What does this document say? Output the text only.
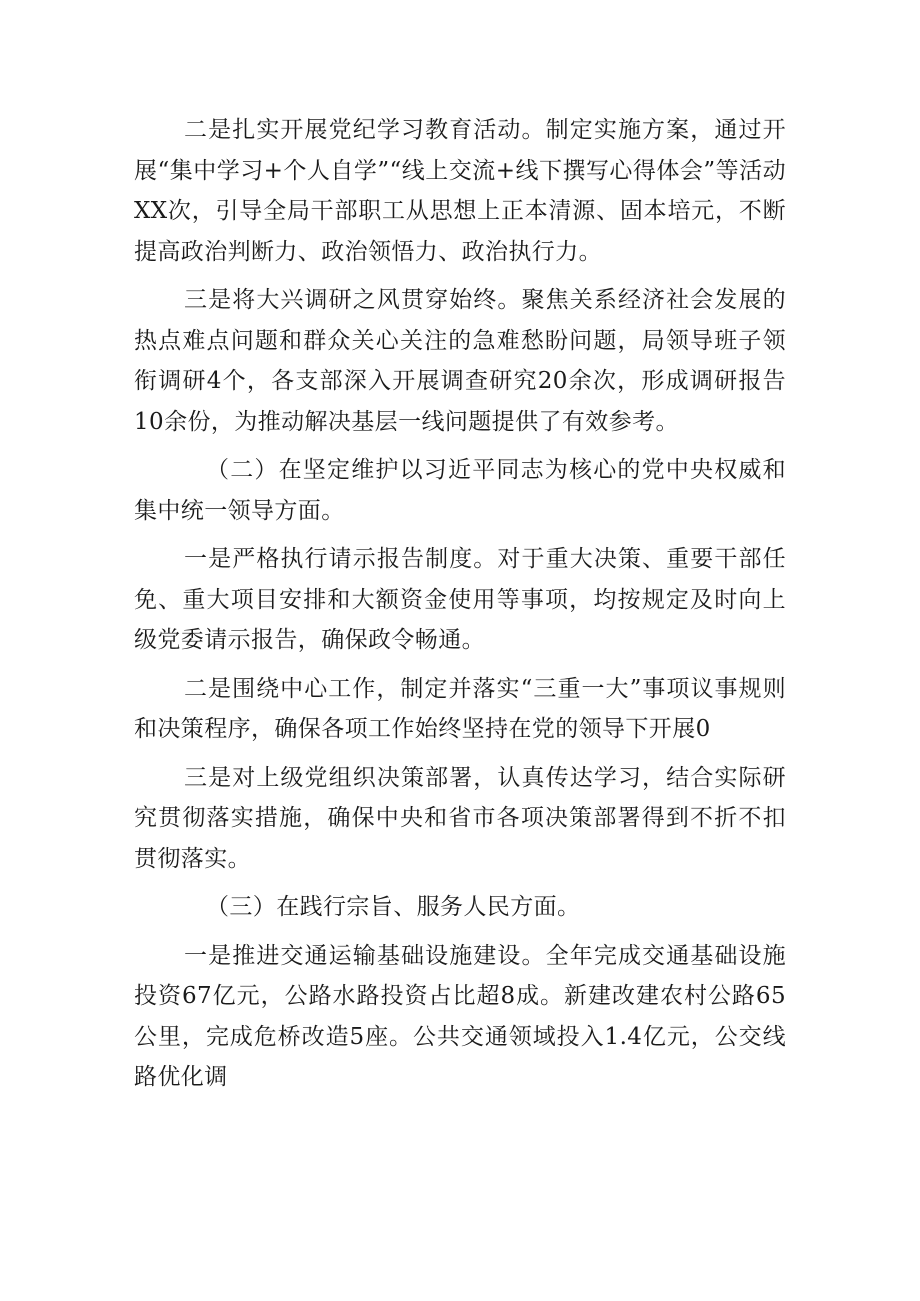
二是扎实开展党纪学习教育活动。制定实施方案，通过开展“集中学习+个人自学”“线上交流+线下撰写心得体会”等活动XX次，引导全局干部职工从思想上正本清源、固本培元，不断提高政治判断力、政治领悟力、政治执行力。

三是将大兴调研之风贯穿始终。聚焦关系经济社会发展的热点难点问题和群众关心关注的急难愁盼问题，局领导班子领衔调研4个，各支部深入开展调查研究20余次，形成调研报告10余份，为推动解决基层一线问题提供了有效参考。

（二）在坚定维护以习近平同志为核心的党中央权威和集中统一领导方面。

一是严格执行请示报告制度。对于重大决策、重要干部任免、重大项目安排和大额资金使用等事项，均按规定及时向上级党委请示报告，确保政令畅通。

二是围绕中心工作，制定并落实“三重一大”事项议事规则和决策程序，确保各项工作始终坚持在党的领导下开展0

三是对上级党组织决策部署，认真传达学习，结合实际研究贯彻落实措施，确保中央和省市各项决策部署得到不折不扣贯彻落实。

（三）在践行宗旨、服务人民方面。

一是推进交通运输基础设施建设。全年完成交通基础设施投资67亿元，公路水路投资占比超8成。新建改建农村公路65公里，完成危桥改造5座。公共交通领域投入1.4亿元，公交线路优化调
